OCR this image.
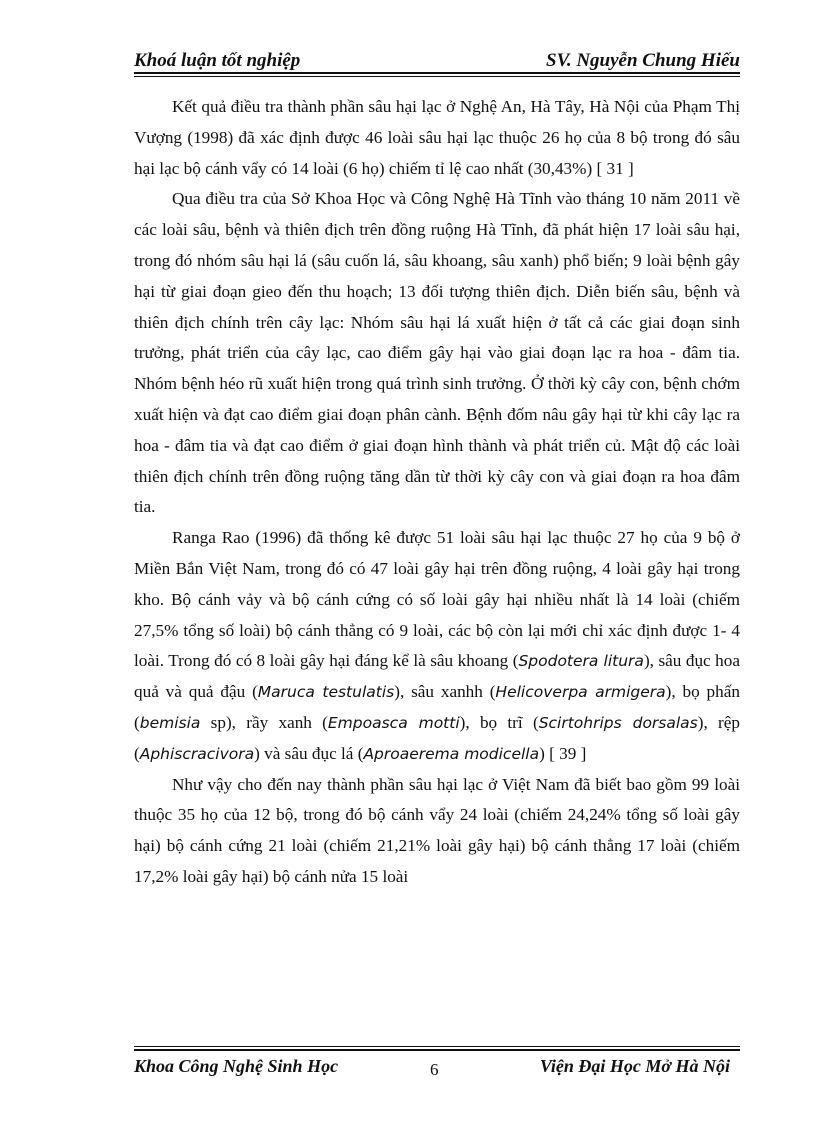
Khoá luận tốt nghiệp	SV. Nguyễn Chung Hiếu

Kết quả điều tra thành phần sâu hại lạc ở Nghệ An, Hà Tây, Hà Nội của Phạm Thị Vượng (1998) đã xác định được 46 loài sâu hại lạc thuộc 26 họ của 8 bộ trong đó sâu hại lạc bộ cánh vẩy có 14 loài (6 họ) chiếm tỉ lệ cao nhất (30,43%) [ 31 ]

Qua điều tra của Sở Khoa Học và Công Nghệ Hà Tĩnh vào tháng 10 năm 2011 về các loài sâu, bệnh và thiên địch trên đồng ruộng Hà Tĩnh, đã phát hiện 17 loài sâu hại, trong đó nhóm sâu hại lá (sâu cuốn lá, sâu khoang, sâu xanh) phổ biến; 9 loài bệnh gây hại từ giai đoạn gieo đến thu hoạch; 13 đối tượng thiên địch. Diễn biến sâu, bệnh và thiên địch chính trên cây lạc: Nhóm sâu hại lá xuất hiện ở tất cả các giai đoạn sinh trưởng, phát triển của cây lạc, cao điểm gây hại vào giai đoạn lạc ra hoa - đâm tia. Nhóm bệnh héo rũ xuất hiện trong quá trình sinh trưởng. Ở thời kỳ cây con, bệnh chớm xuất hiện và đạt cao điểm giai đoạn phân cành. Bệnh đốm nâu gây hại từ khi cây lạc ra hoa - đâm tia và đạt cao điểm ở giai đoạn hình thành và phát triển củ. Mật độ các loài thiên địch chính trên đồng ruộng tăng dần từ thời kỳ cây con và giai đoạn ra hoa đâm tia.

Ranga Rao (1996) đã thống kê được 51 loài sâu hại lạc thuộc 27 họ của 9 bộ ở Miền Bắn Việt Nam, trong đó có 47 loài gây hại trên đồng ruộng, 4 loài gây hại trong kho. Bộ cánh vảy và bộ cánh cứng có số loài gây hại nhiều nhất là 14 loài (chiếm 27,5% tổng số loài) bộ cánh thẳng có 9 loài, các bộ còn lại mới chỉ xác định được 1- 4 loài. Trong đó có 8 loài gây hại đáng kể là sâu khoang (Spodotera litura), sâu đục hoa quả và quả đậu (Maruca testulatis), sâu xanhh (Helicoverpa armigera), bọ phấn (bemisia sp), rầy xanh (Empoasca motti), bọ trĩ (Scirtohrips dorsalas), rệp (Aphiscracivora) và sâu đục lá (Aproaerema modicella) [ 39 ]

Như vậy cho đến nay thành phần sâu hại lạc ở Việt Nam đã biết bao gồm 99 loài thuộc 35 họ của 12 bộ, trong đó bộ cánh vẩy 24 loài (chiếm 24,24% tổng số loài gây hại) bộ cánh cứng 21 loài (chiếm 21,21% loài gây hại) bộ cánh thẳng 17 loài (chiếm 17,2% loài gây hại) bộ cánh nửa 15 loài

Khoa Công Nghệ Sinh Học	6	Viện Đại Học Mở Hà Nội
